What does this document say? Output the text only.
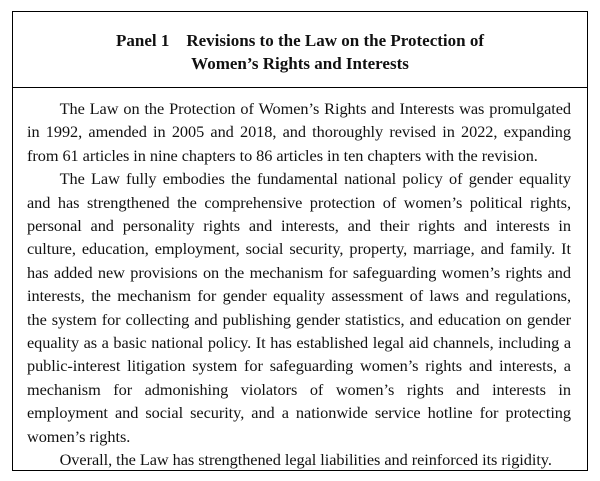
Panel 1    Revisions to the Law on the Protection of
Women’s Rights and Interests

The Law on the Protection of Women’s Rights and Interests was promulgated in 1992, amended in 2005 and 2018, and thoroughly revised in 2022, expanding from 61 articles in nine chapters to 86 articles in ten chapters with the revision.

The Law fully embodies the fundamental national policy of gender equality and has strengthened the comprehensive protection of women’s political rights, personal and personality rights and interests, and their rights and interests in culture, education, employment, social security, property, marriage, and family. It has added new provisions on the mechanism for safeguarding women’s rights and interests, the mechanism for gender equality assessment of laws and regulations, the system for collecting and publishing gender statistics, and education on gender equality as a basic national policy. It has established legal aid channels, including a public-interest litigation system for safeguarding women’s rights and interests, a mechanism for admonishing violators of women’s rights and interests in employment and social security, and a nationwide service hotline for protecting women’s rights.

Overall, the Law has strengthened legal liabilities and reinforced its rigidity.
